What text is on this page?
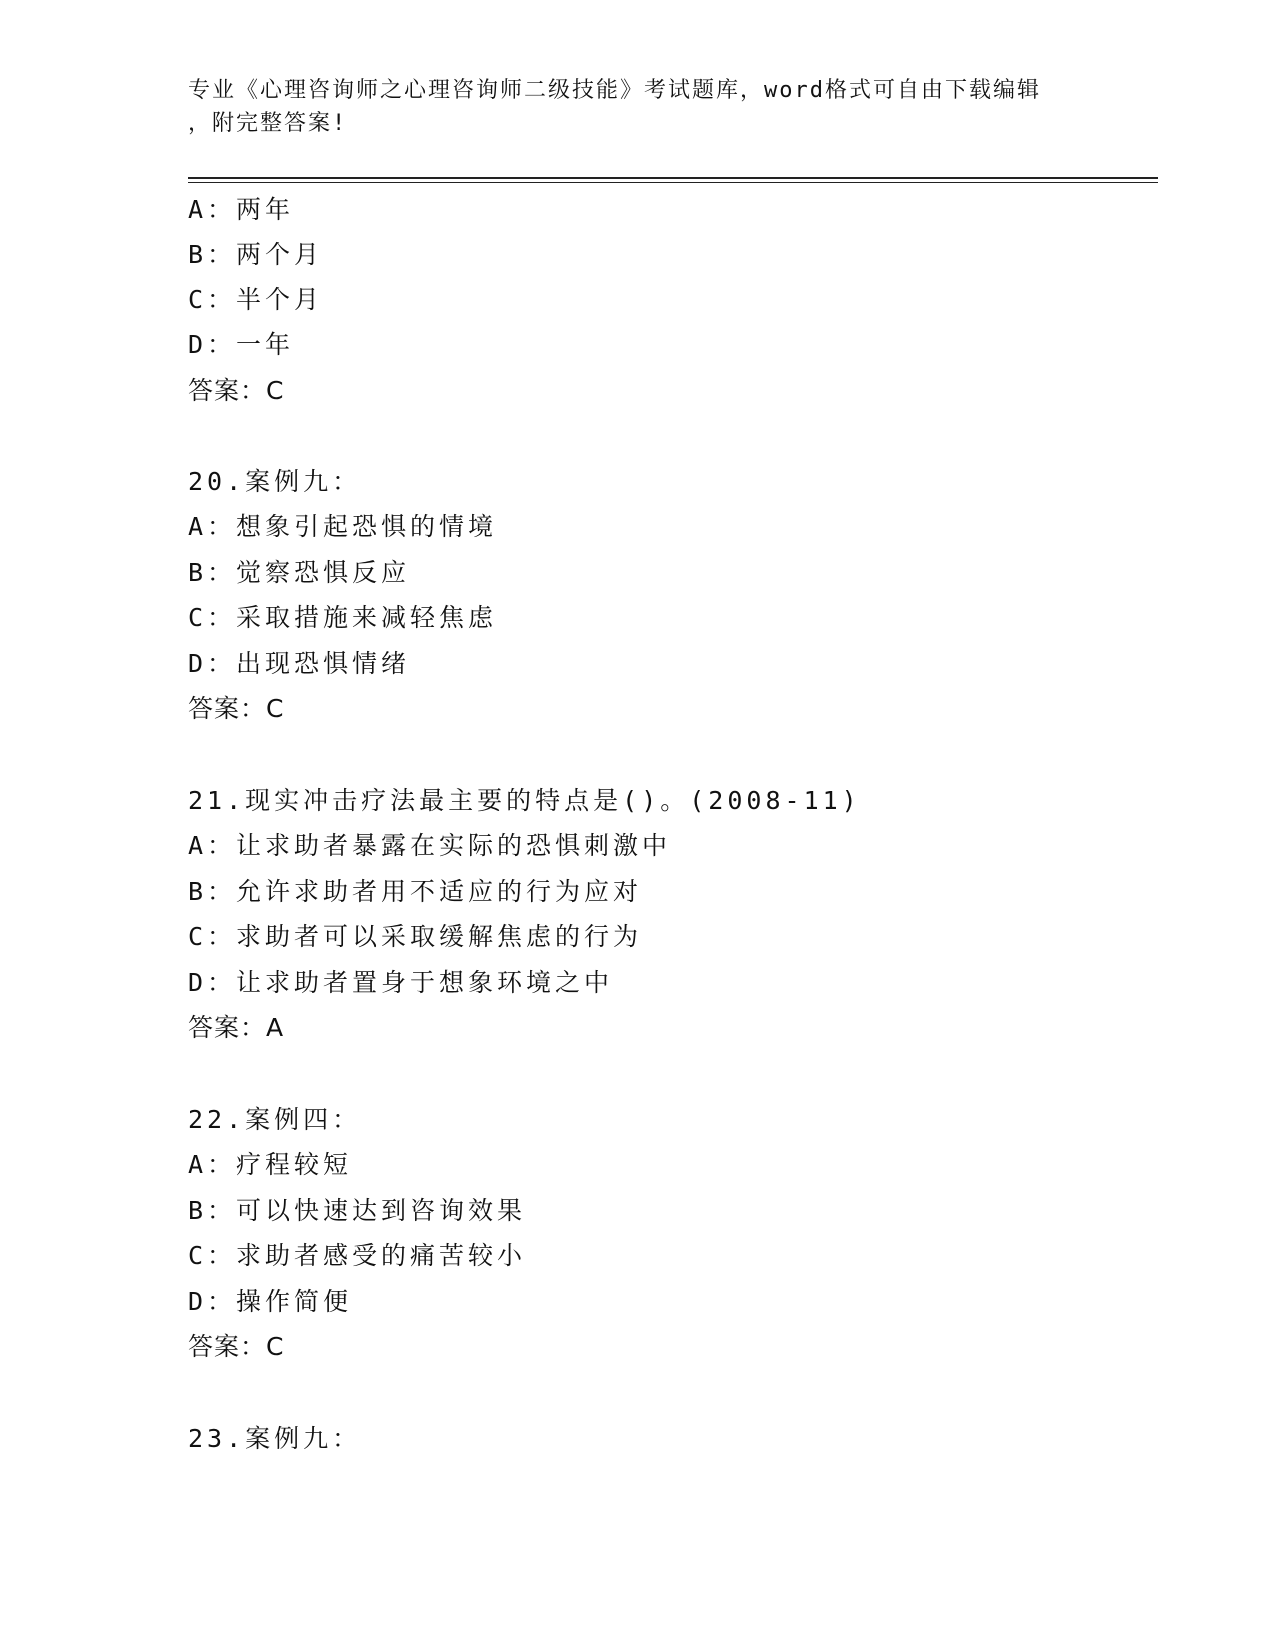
专业《心理咨询师之心理咨询师二级技能》考试题库，word格式可自由下载编辑
，附完整答案!
A：两年
B：两个月
C：半个月
D：一年
答案：C
20.案例九：
A：想象引起恐惧的情境
B：觉察恐惧反应
C：采取措施来减轻焦虑
D：出现恐惧情绪
答案：C
21.现实冲击疗法最主要的特点是()。(2008-11)
A：让求助者暴露在实际的恐惧刺激中
B：允许求助者用不适应的行为应对
C：求助者可以采取缓解焦虑的行为
D：让求助者置身于想象环境之中
答案：A
22.案例四：
A：疗程较短
B：可以快速达到咨询效果
C：求助者感受的痛苦较小
D：操作简便
答案：C
23.案例九：
